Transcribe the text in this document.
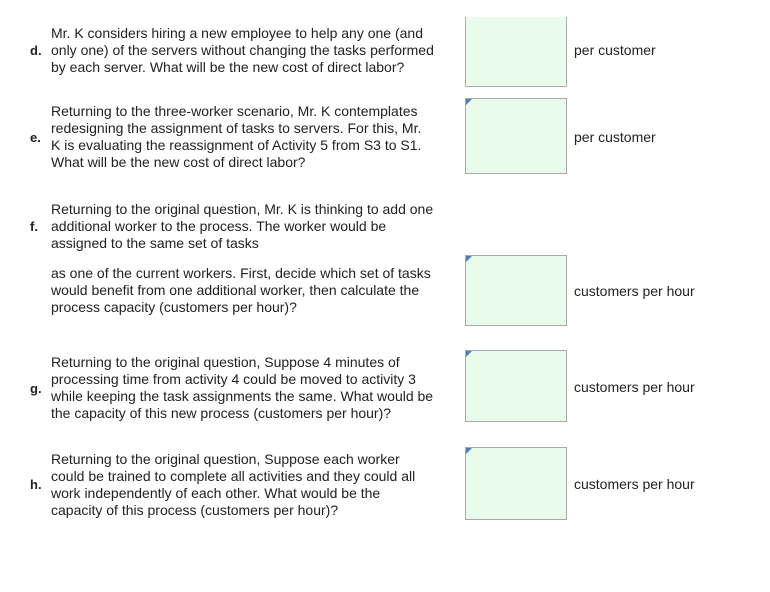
d.
Mr. K considers hiring a new employee to help any one (and
only one) of the servers without changing the tasks performed
by each server. What will be the new cost of direct labor?
per customer
e.
Returning to the three-worker scenario, Mr. K contemplates
redesigning the assignment of tasks to servers. For this, Mr.
K is evaluating the reassignment of Activity 5 from S3 to S1.
What will be the new cost of direct labor?
per customer
f.
Returning to the original question, Mr. K is thinking to add one
additional worker to the process. The worker would be
assigned to the same set of tasks
as one of the current workers. First, decide which set of tasks
would benefit from one additional worker, then calculate the
process capacity (customers per hour)?
customers per hour
g.
Returning to the original question, Suppose 4 minutes of
processing time from activity 4 could be moved to activity 3
while keeping the task assignments the same. What would be
the capacity of this new process (customers per hour)?
customers per hour
h.
Returning to the original question, Suppose each worker
could be trained to complete all activities and they could all
work independently of each other. What would be the
capacity of this process (customers per hour)?
customers per hour
